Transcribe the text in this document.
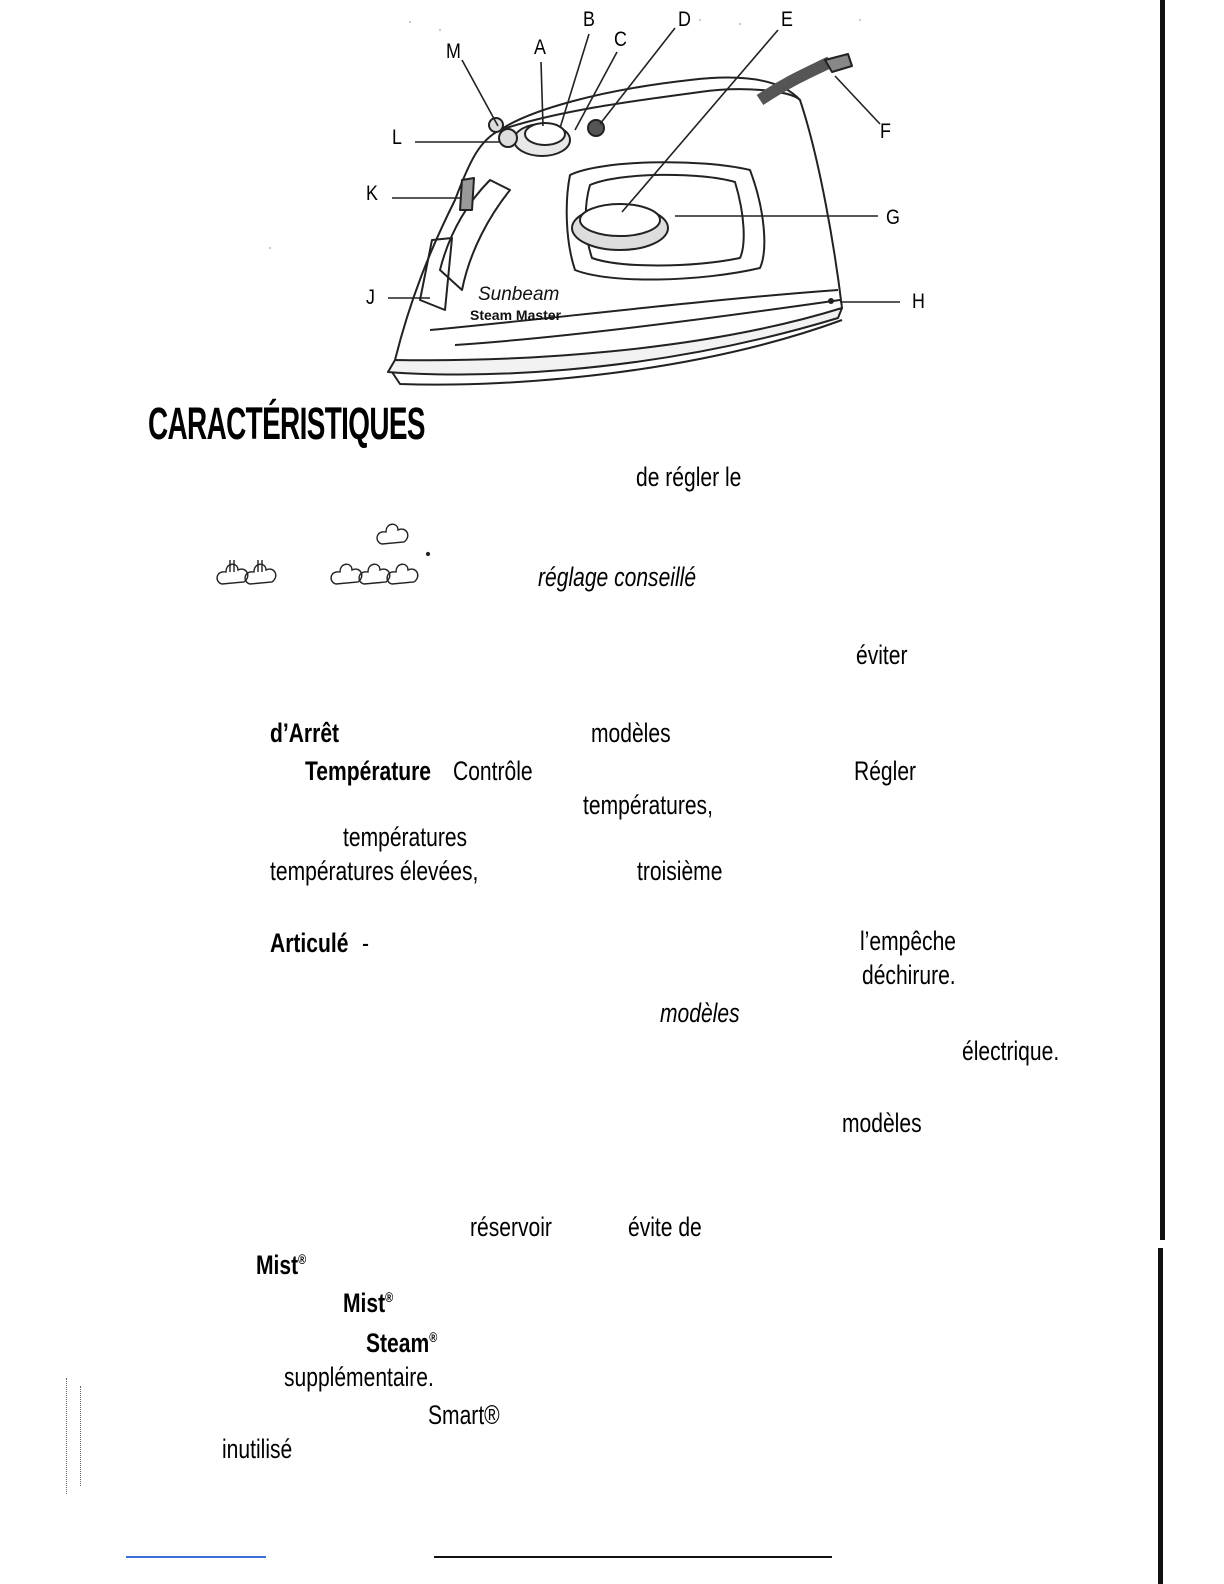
Sunbeam
Steam Master
B	D	E
C
A
M
F
L
K
G
J	H
CARACTÉRISTIQUES
de régler le
réglage conseillé
éviter
d’Arrêt	modèles
Température Contrôle	Régler
températures,
températures
températures élevées,	troisième
Articulé -	l’empêche
déchirure.
modèles
électrique.
modèles
réservoir	évite de
Mist®
Mist®
Steam®
supplémentaire.
Smart®
inutilisé
